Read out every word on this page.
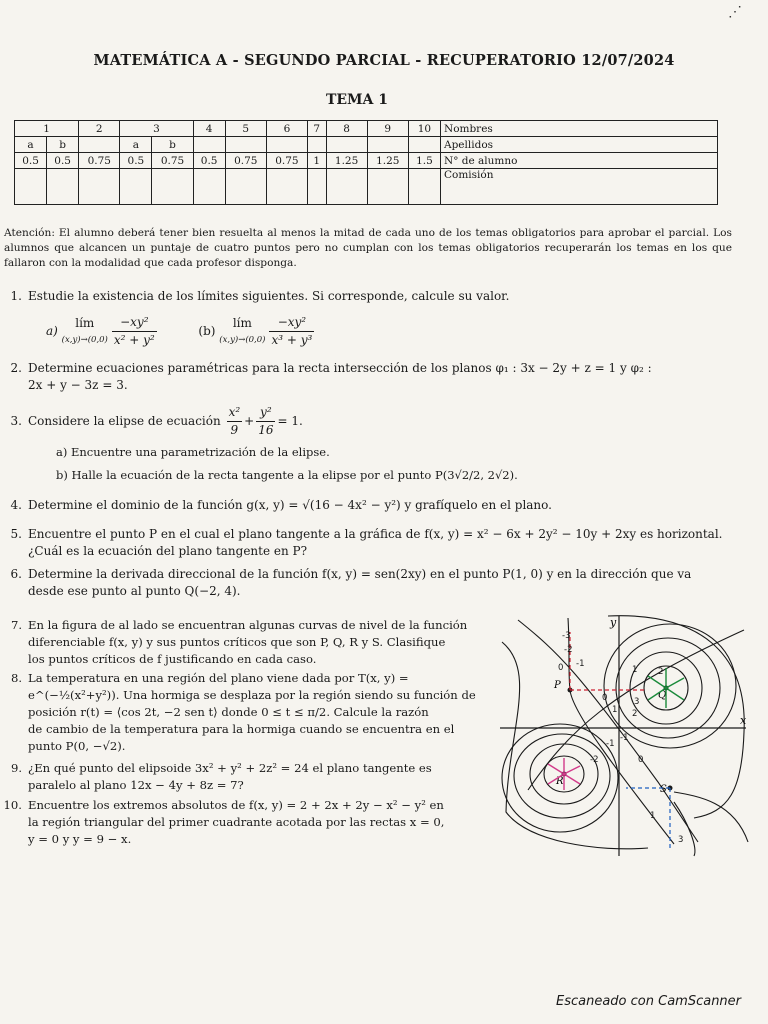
⋰
MATEMÁTICA A - SEGUNDO PARCIAL - RECUPERATORIO 12/07/2024
TEMA 1
1		2	3		4	5	6	7	8	9	10	Nombres
a	b		a	b								Apellidos
0.5	0.5	0.75	0.5	0.75	0.5	0.75	0.75	1	1.25	1.25	1.5	N° de alumno
												Comisión
Atención: El alumno deberá tener bien resuelta al menos la mitad de cada uno de los temas obligatorios para aprobar el parcial. Los alumnos que alcancen un puntaje de cuatro puntos pero no cumplan con los temas obligatorios recuperarán los temas en los que fallaron con la modalidad que cada profesor disponga.
1. Estudie la existencia de los límites siguientes. Si corresponde, calcule su valor.
a)
lím
$(x,y)\to(0,0) \frac{\text{−xy²}}{\text{x² + y²}}$	(b)
lím
$(x,y)\to(0,0) \frac{\text{−xy²}}{\text{x³ + y³}}$
2. Determine ecuaciones paramétricas para la recta intersección de los planos φ₁ : 3x − 2y + z = 1 y φ₂ :
2x + y − 3z = 3.
3. Considere la elipse de ecuación $\frac{\text{x²}}{9} + \frac{\text{y²}}{16} = 1$.
a) Encuentre una parametrización de la elipse.
b) Halle la ecuación de la recta tangente a la elipse por el punto P(3√2/2, 2√2).
4. Determine el dominio de la función g(x, y) = √(16 − 4x² − y²) y grafíquelo en el plano.
5. Encuentre el punto P en el cual el plano tangente a la gráfica de f(x, y) = x² − 6x + 2y² − 10y + 2xy es horizontal.
¿Cuál es la ecuación del plano tangente en P?
6. Determine la derivada direccional de la función f(x, y) = sen(2xy) en el punto P(1, 0) y en la dirección que va
desde ese punto al punto Q(−2, 4).
7. En la figura de al lado se encuentran algunas curvas de nivel de la función
diferenciable f(x, y) y sus puntos críticos que son P, Q, R y S. Clasifique
los puntos críticos de f justificando en cada caso.
8. La temperatura en una región del plano viene dada por T(x, y) =
e^(−½(x²+y²)). Una hormiga se desplaza por la región siendo su función de
posición r(t) = ⟨cos 2t, −2 sen t⟩ donde 0 ≤ t ≤ π/2. Calcule la razón
de cambio de la temperatura para la hormiga cuando se encuentra en el
punto P(0, −√2).
9. ¿En qué punto del elipsoide 3x² + y² + 2z² = 24 el plano tangente es
paralelo al plano 12x − 4y + 8z = 7?
10. Encuentre los extremos absolutos de f(x, y) = 2 + 2x + 2y − x² − y² en
la región triangular del primer cuadrante acotada por las rectas x = 0,
y = 0 y y = 9 − x.
x
y
P
Q
R
S
-3
-2
-1
0
1 2
3
-1
0
1
-2
-1
3
2
1
0
Escaneado con CamScanner
